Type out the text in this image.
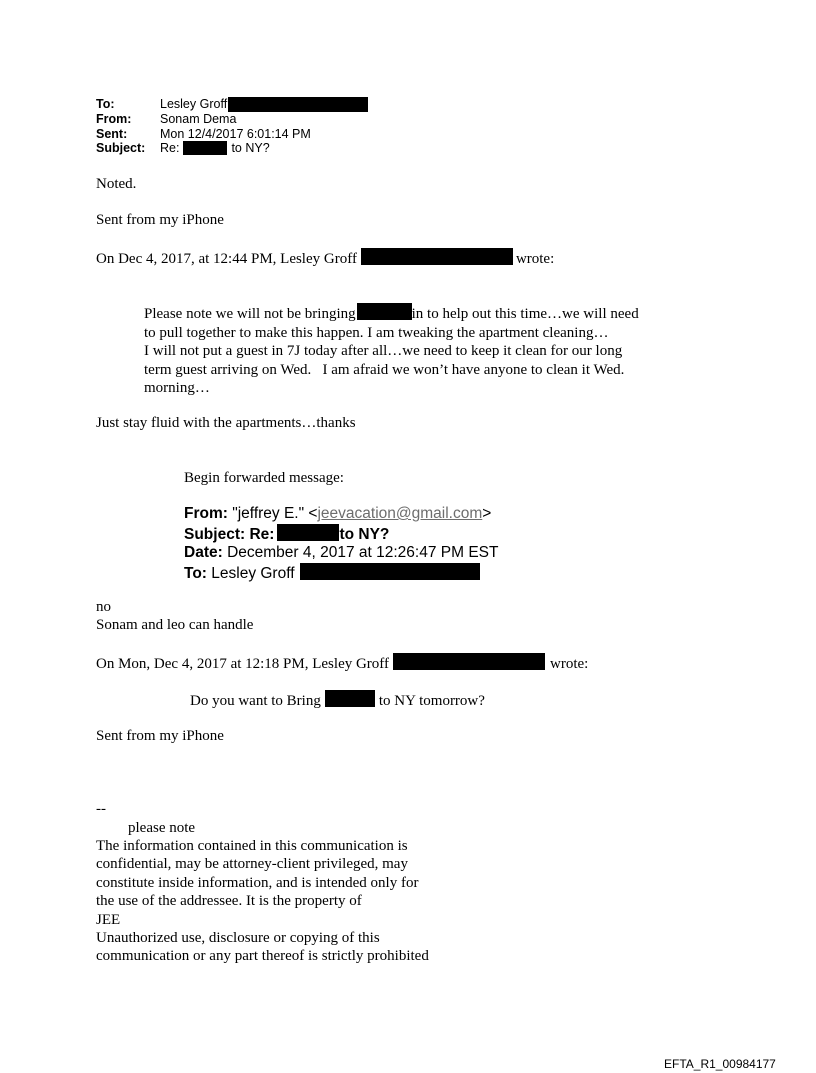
To:	Lesley Groff
From:	Sonam Dema
Sent:	Mon 12/4/2017 6:01:14 PM
Subject:	Re:	to NY?
Noted.
Sent from my iPhone
On Dec 4, 2017, at 12:44 PM, Lesley Groff	wrote:
Please note we will not be bringing	in to help out this time…we will need
to pull together to make this happen. I am tweaking the apartment cleaning…
I will not put a guest in 7J today after all…we need to keep it clean for our long
term guest arriving on Wed.   I am afraid we won’t have anyone to clean it Wed.
morning…
Just stay fluid with the apartments…thanks
Begin forwarded message:
From: "jeffrey E." <jeevacation@gmail.com>
Subject: Re:	to NY?
Date: December 4, 2017 at 12:26:47 PM EST
To: Lesley Groff
no
Sonam and leo can handle
On Mon, Dec 4, 2017 at 12:18 PM, Lesley Groff	wrote:
Do you want to Bring	to NY tomorrow?
Sent from my iPhone
--
please note
The information contained in this communication is
confidential, may be attorney-client privileged, may
constitute inside information, and is intended only for
the use of the addressee. It is the property of
JEE
Unauthorized use, disclosure or copying of this
communication or any part thereof is strictly prohibited
EFTA_R1_00984177
